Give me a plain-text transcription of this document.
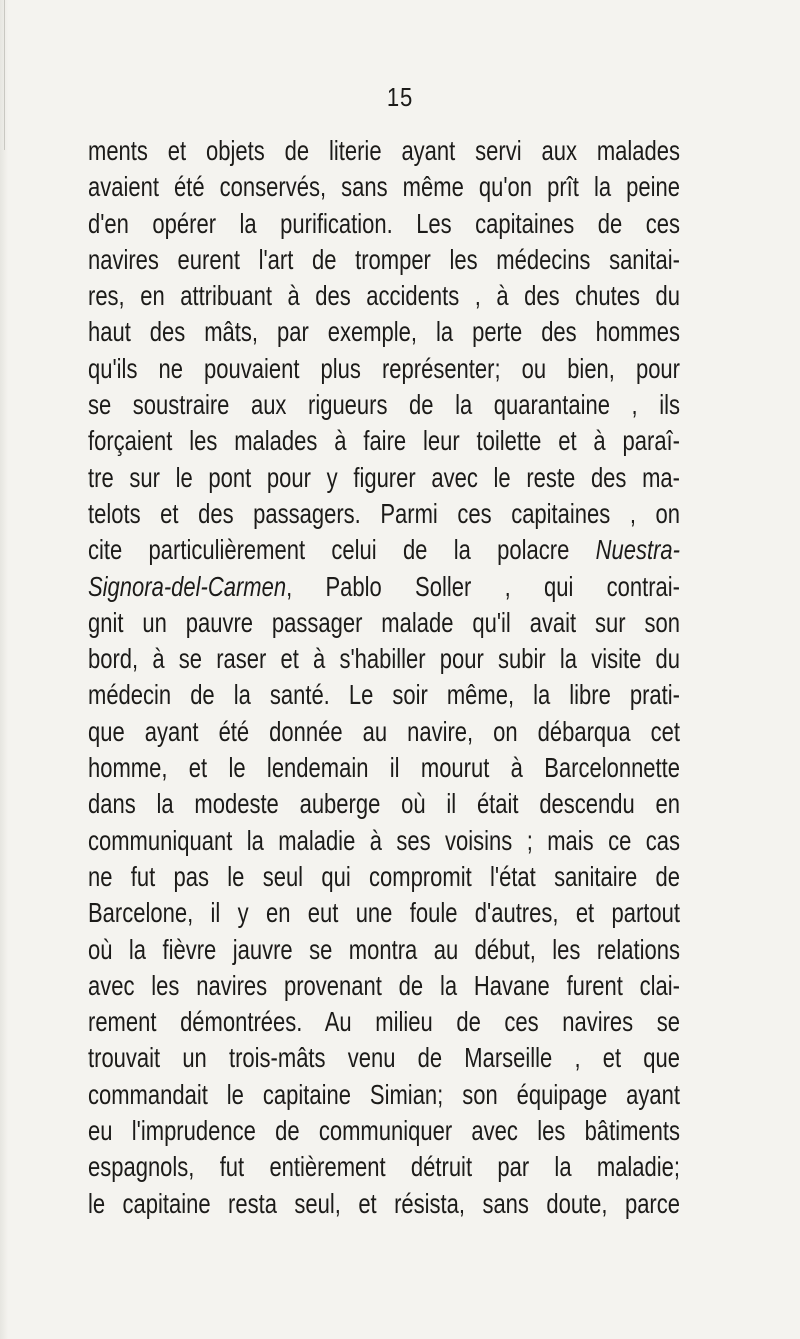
15
ments et objets de literie ayant servi aux malades
avaient été conservés, sans même qu'on prît la peine
d'en opérer la purification. Les capitaines de ces
navires eurent l'art de tromper les médecins sanitai-
res, en attribuant à des accidents , à des chutes du
haut des mâts, par exemple, la perte des hommes
qu'ils ne pouvaient plus représenter; ou bien, pour
se soustraire aux rigueurs de la quarantaine , ils
forçaient les malades à faire leur toilette et à paraî-
tre sur le pont pour y figurer avec le reste des ma-
telots et des passagers. Parmi ces capitaines , on
cite particulièrement celui de la polacre Nuestra-
Signora-del-Carmen, Pablo Soller , qui contrai-
gnit un pauvre passager malade qu'il avait sur son
bord, à se raser et à s'habiller pour subir la visite du
médecin de la santé. Le soir même, la libre prati-
que ayant été donnée au navire, on débarqua cet
homme, et le lendemain il mourut à Barcelonnette
dans la modeste auberge où il était descendu en
communiquant la maladie à ses voisins ; mais ce cas
ne fut pas le seul qui compromit l'état sanitaire de
Barcelone, il y en eut une foule d'autres, et partout
où la fièvre jauvre se montra au début, les relations
avec les navires provenant de la Havane furent clai-
rement démontrées. Au milieu de ces navires se
trouvait un trois-mâts venu de Marseille , et que
commandait le capitaine Simian; son équipage ayant
eu l'imprudence de communiquer avec les bâtiments
espagnols, fut entièrement détruit par la maladie;
le capitaine resta seul, et résista, sans doute, parce
